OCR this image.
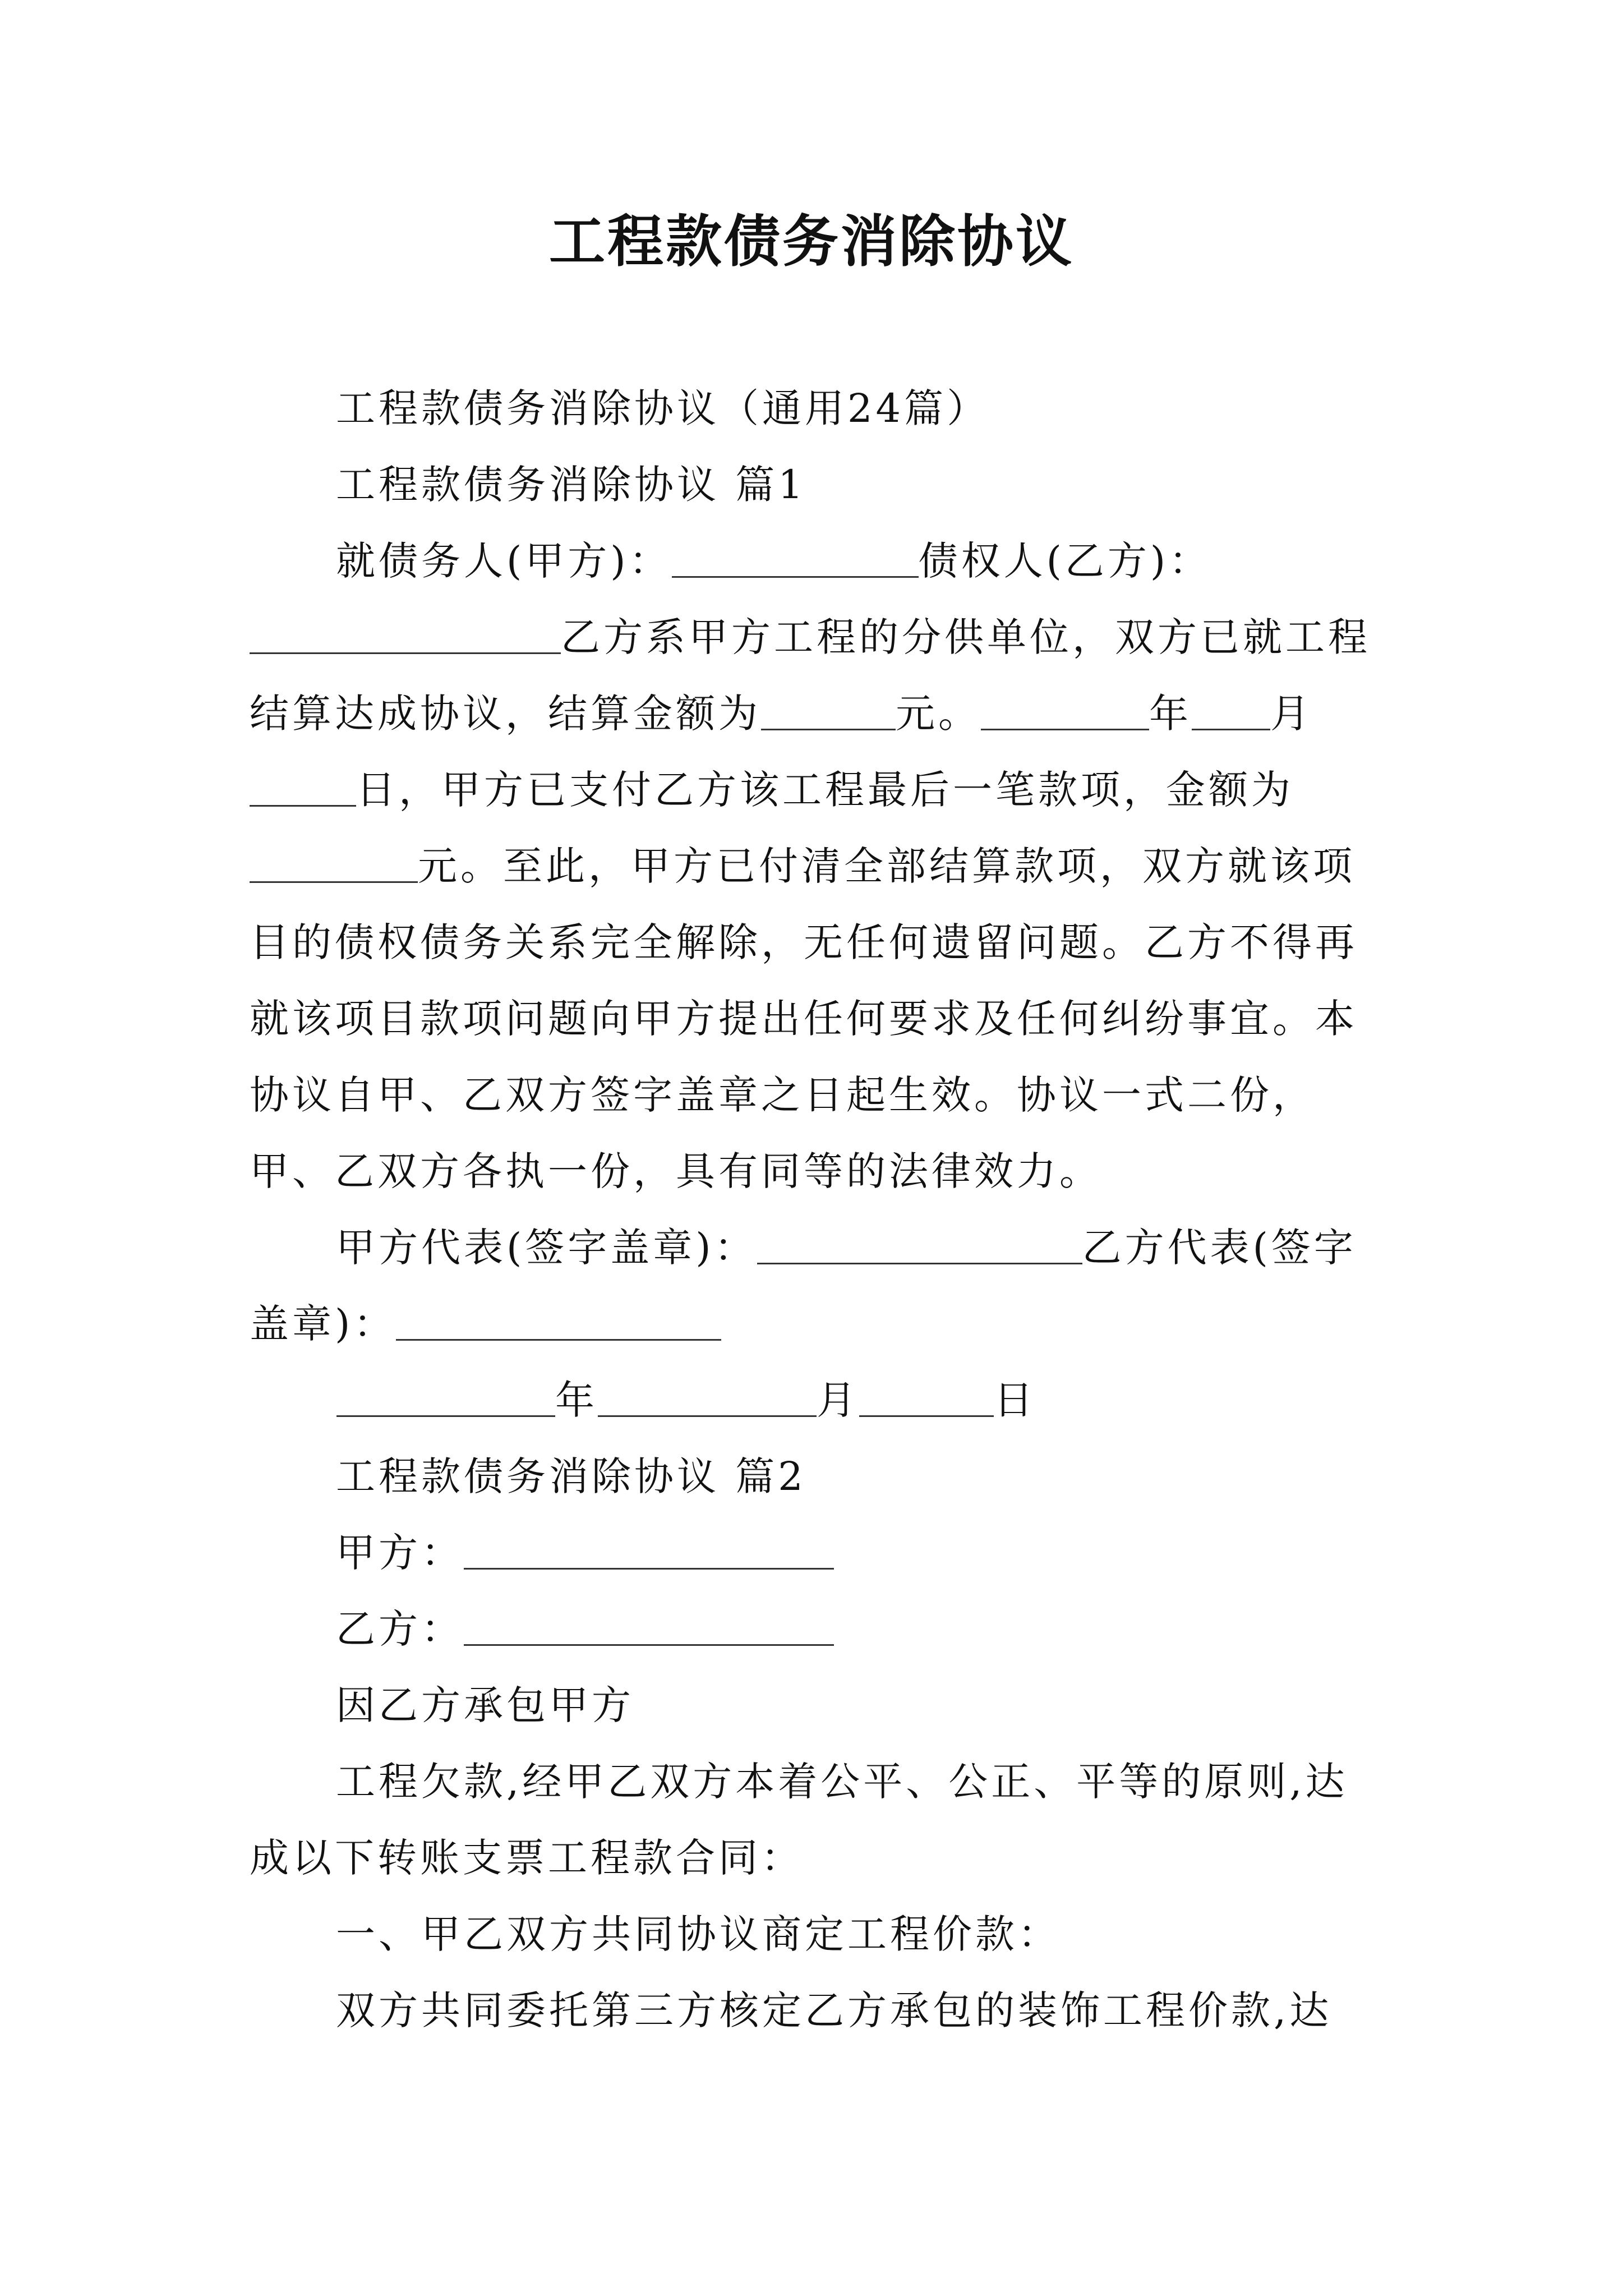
工程款债务消除协议

工程款债务消除协议（通用24篇）

工程款债务消除协议 篇1

就债务人(甲方)：	债权人(乙方)：乙方系甲方工程的分供单位，双方已就工程结算达成协议，结算金额为	元。	年 月日，甲方已支付乙方该工程最后一笔款项，金额为元。至此，甲方已付清全部结算款项，双方就该项目的债权债务关系完全解除，无任何遗留问题。乙方不得再就该项目款项问题向甲方提出任何要求及任何纠纷事宜。本协议自甲、乙双方签字盖章之日起生效。协议一式二份，甲、乙双方各执一份，具有同等的法律效力。

甲方代表(签字盖章)：	乙方代表(签字盖章)：

年	月	日

工程款债务消除协议 篇2

甲方：

乙方：

因乙方承包甲方

工程欠款,经甲乙双方本着公平、公正、平等的原则,达成以下转账支票工程款合同：

一、甲乙双方共同协议商定工程价款：

双方共同委托第三方核定乙方承包的装饰工程价款,达
